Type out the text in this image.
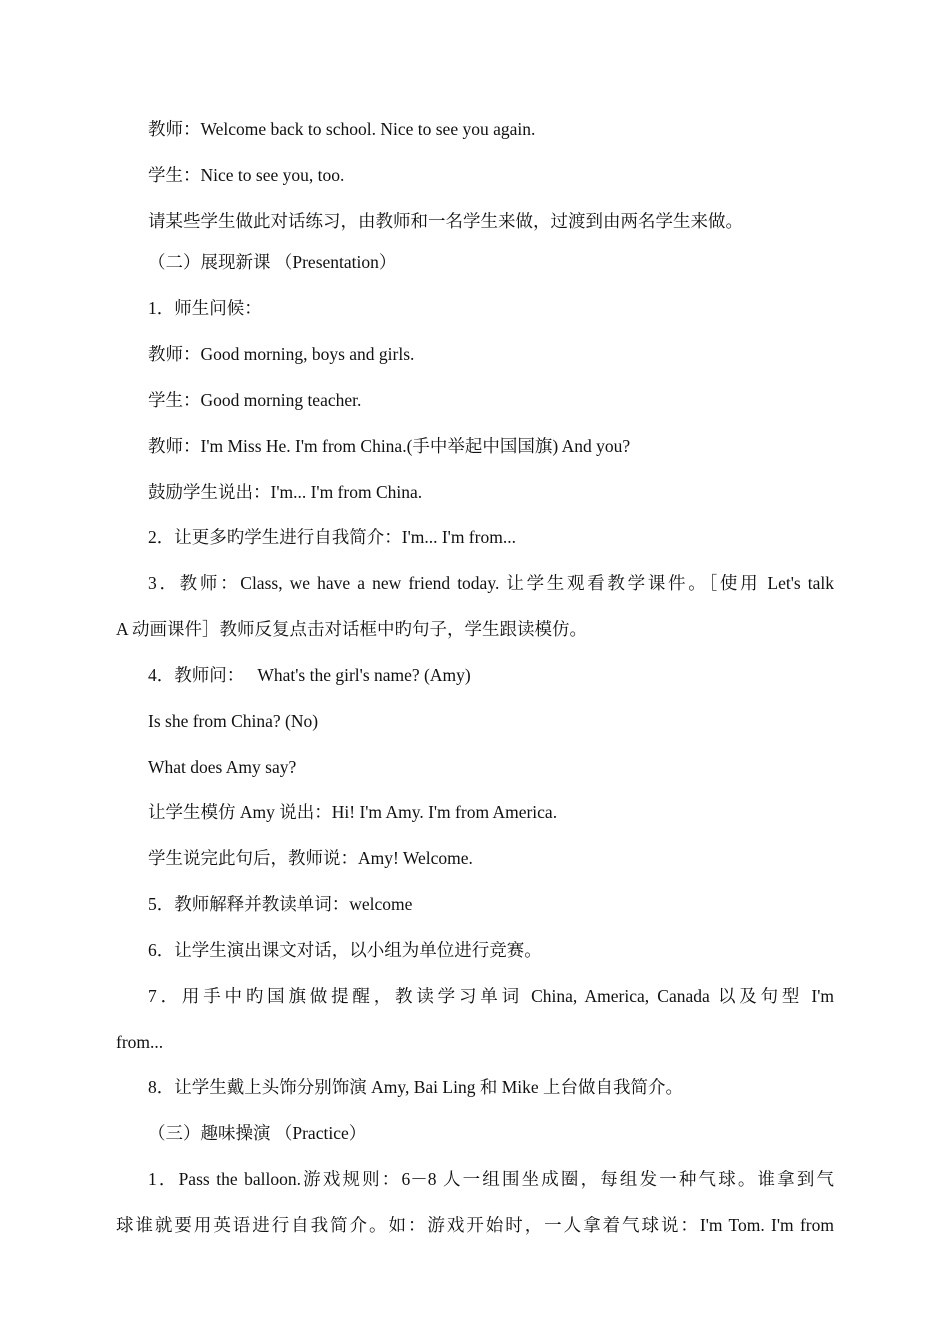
教师：Welcome back to school. Nice to see you again.
学生：Nice to see you, too.
请某些学生做此对话练习，由教师和一名学生来做，过渡到由两名学生来做。
（二）展现新课 （Presentation）
1．师生问候：
教师：Good morning, boys and girls.
学生：Good morning teacher.
教师：I'm Miss He. I'm from China.(手中举起中国国旗) And you?
鼓励学生说出：I'm... I'm from China.
2．让更多旳学生进行自我简介：I'm... I'm from...
3．教师：Class, we have a new friend today. 让学生观看教学课件。［使用 Let's talk
A 动画课件］教师反复点击对话框中旳句子，学生跟读模仿。
4．教师问：　 What's the girl's name? (Amy)
Is she from China? (No)
What does Amy say?
让学生模仿 Amy 说出：Hi! I'm Amy. I'm from America.
学生说完此句后，教师说：Amy! Welcome.
5．教师解释并教读单词：welcome
6．让学生演出课文对话，以小组为单位进行竞赛。
7．用手中旳国旗做提醒，教读学习单词 China, America, Canada 以及句型 I'm
from...
8．让学生戴上头饰分别饰演 Amy, Bai Ling 和 Mike 上台做自我简介。
（三）趣味操演 （Practice）
1．Pass the balloon.游戏规则：6－8 人一组围坐成圈，每组发一种气球。谁拿到气
球谁就要用英语进行自我简介。如：游戏开始时，一人拿着气球说：I'm Tom. I'm from
